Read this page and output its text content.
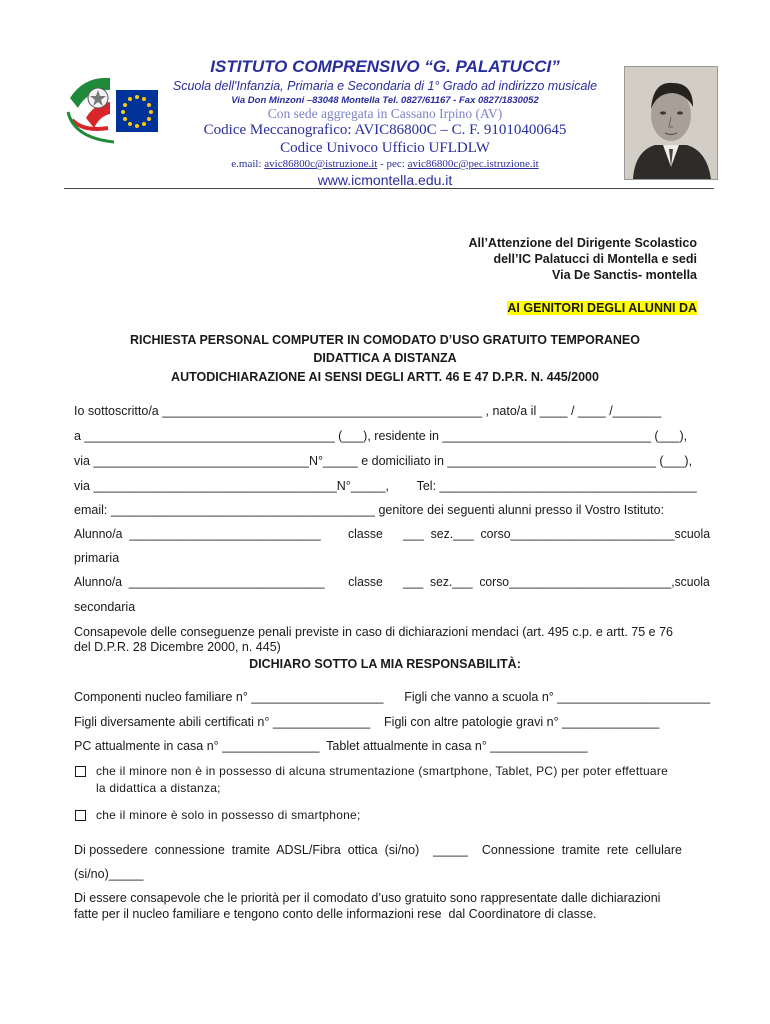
ISTITUTO COMPRENSIVO “G. PALATUCCI”
Scuola dell'Infanzia, Primaria e Secondaria di 1° Grado ad indirizzo musicale
Via Don Minzoni –83048 Montella Tel. 0827/61167 - Fax 0827/1830052
Con sede aggregata in Cassano Irpino (AV)
Codice Meccanografico: AVIC86800C – C. F. 91010400645
Codice Univoco Ufficio UFLDLW
e.mail: avic86800c@istruzione.it - pec: avic86800c@pec.istruzione.it
www.icmontella.edu.it
All’Attenzione del Dirigente Scolastico
dell’IC Palatucci di Montella e sedi
Via De Sanctis- montella
AI GENITORI DEGLI ALUNNI DA
RICHIESTA PERSONAL COMPUTER IN COMODATO D’USO GRATUITO TEMPORANEO
DIDATTICA A DISTANZA
AUTODICHIARAZIONE AI SENSI DEGLI ARTT. 46 E 47 D.P.R. N. 445/2000
Io sottoscritto/a ______________________________________________ , nato/a il ____ / ____ /_______
a ____________________________________ (___), residente in ______________________________ (___),
via _______________________________N°_____ e domiciliato in ______________________________ (___),
via ___________________________________N°_____,        Tel: _____________________________________
email: ______________________________________ genitore dei seguenti alunni presso il Vostro Istituto:
Alunno/a  ____________________________        classe      ___  sez.___  corso________________________scuola
primaria
Alunno/a  _____________________________       classe      ___  sez.___  corso________________________,scuola
secondaria
Consapevole delle conseguenze penali previste in caso di dichiarazioni mendaci (art. 495 c.p. e artt. 75 e 76
del D.P.R. 28 Dicembre 2000, n. 445)
DICHIARO SOTTO LA MIA RESPONSABILITÀ:
Componenti nucleo familiare n° ___________________      Figli che vanno a scuola n° ______________________
Figli diversamente abili certificati n° ______________    Figli con altre patologie gravi n° ______________
PC attualmente in casa n° ______________  Tablet attualmente in casa n° ______________
che il minore non è in possesso di alcuna strumentazione (smartphone, Tablet, PC) per poter effettuare
la didattica a distanza;
che il minore è solo in possesso di smartphone;
Di possedere  connessione  tramite  ADSL/Fibra  ottica  (si/no)    _____    Connessione  tramite  rete  cellulare
(si/no)_____
Di essere consapevole che le priorità per il comodato d’uso gratuito sono rappresentate dalle dichiarazioni
fatte per il nucleo familiare e tengono conto delle informazioni rese  dal Coordinatore di classe.
